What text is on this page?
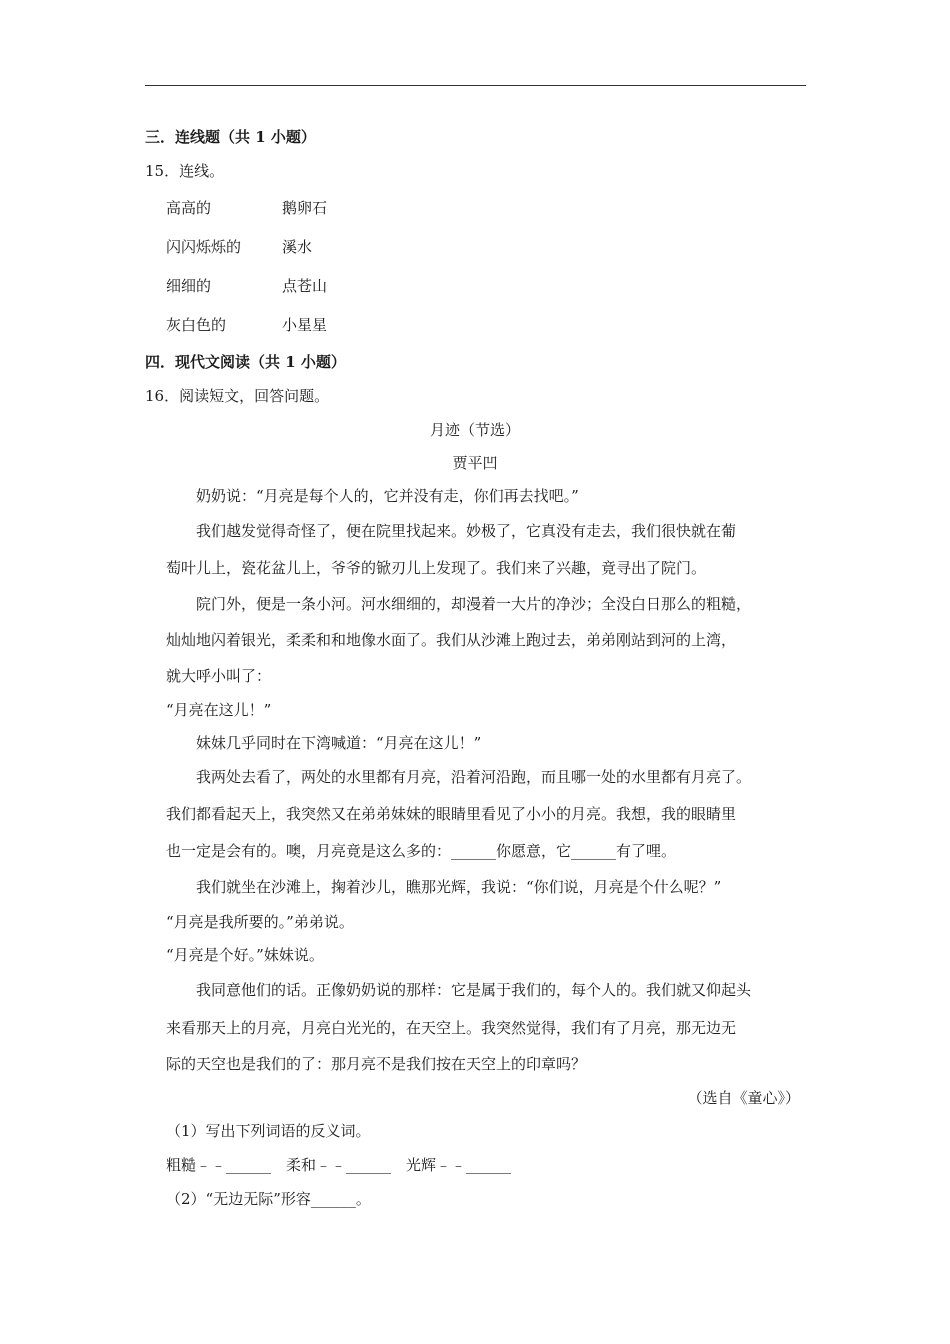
三．连线题（共 1 小题）
15．连线。
高高的	鹅卵石
闪闪烁烁的	溪水
细细的	点苍山
灰白色的	小星星
四．现代文阅读（共 1 小题）
16．阅读短文，回答问题。
月迹（节选）
贾平凹
奶奶说：“月亮是每个人的，它并没有走，你们再去找吧。”
我们越发觉得奇怪了，便在院里找起来。妙极了，它真没有走去，我们很快就在葡
萄叶儿上，瓷花盆儿上，爷爷的锨刃儿上发现了。我们来了兴趣，竟寻出了院门。
院门外，便是一条小河。河水细细的，却漫着一大片的净沙；全没白日那么的粗糙，
灿灿地闪着银光，柔柔和和地像水面了。我们从沙滩上跑过去，弟弟刚站到河的上湾，
就大呼小叫了：
“月亮在这儿！”
妹妹几乎同时在下湾喊道：“月亮在这儿！”
我两处去看了，两处的水里都有月亮，沿着河沿跑，而且哪一处的水里都有月亮了。
我们都看起天上，我突然又在弟弟妹妹的眼睛里看见了小小的月亮。我想，我的眼睛里
也一定是会有的。噢，月亮竟是这么多的：______你愿意，它______有了哩。
我们就坐在沙滩上，掬着沙儿，瞧那光辉，我说：“你们说，月亮是个什么呢？”
“月亮是我所要的。”弟弟说。
“月亮是个好。”妹妹说。
我同意他们的话。正像奶奶说的那样：它是属于我们的，每个人的。我们就又仰起头
来看那天上的月亮，月亮白光光的，在天空上。我突然觉得，我们有了月亮，那无边无
际的天空也是我们的了：那月亮不是我们按在天空上的印章吗？
（选自《童心》）
（1）写出下列词语的反义词。
粗糙﹣﹣______　柔和﹣﹣______　光辉﹣﹣______
（2）“无边无际”形容______。
